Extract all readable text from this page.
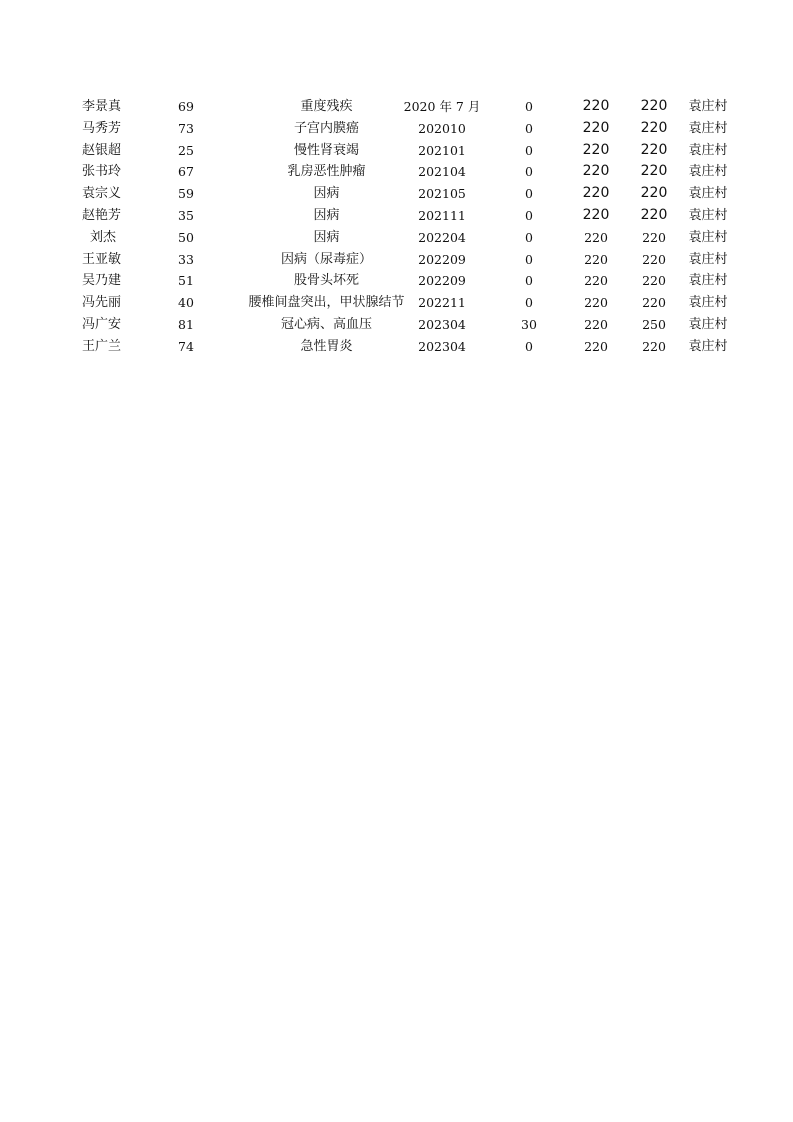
李景真	69	重度残疾	2020 年 7 月	0	220	220	袁庄村
马秀芳	73	子宫内膜癌	202010	0	220	220	袁庄村
赵银超	25	慢性肾衰竭	202101	0	220	220	袁庄村
张书玲	67	乳房恶性肿瘤	202104	0	220	220	袁庄村
袁宗义	59	因病	202105	0	220	220	袁庄村
赵艳芳	35	因病	202111	0	220	220	袁庄村
刘杰	50	因病	202204	0	220	220	袁庄村
王亚敏	33	因病（尿毒症）	202209	0	220	220	袁庄村
吴乃建	51	股骨头坏死	202209	0	220	220	袁庄村
冯先丽	40	腰椎间盘突出，甲状腺结节	202211	0	220	220	袁庄村
冯广安	81	冠心病、高血压	202304	30	220	250	袁庄村
王广兰	74	急性胃炎	202304	0	220	220	袁庄村
